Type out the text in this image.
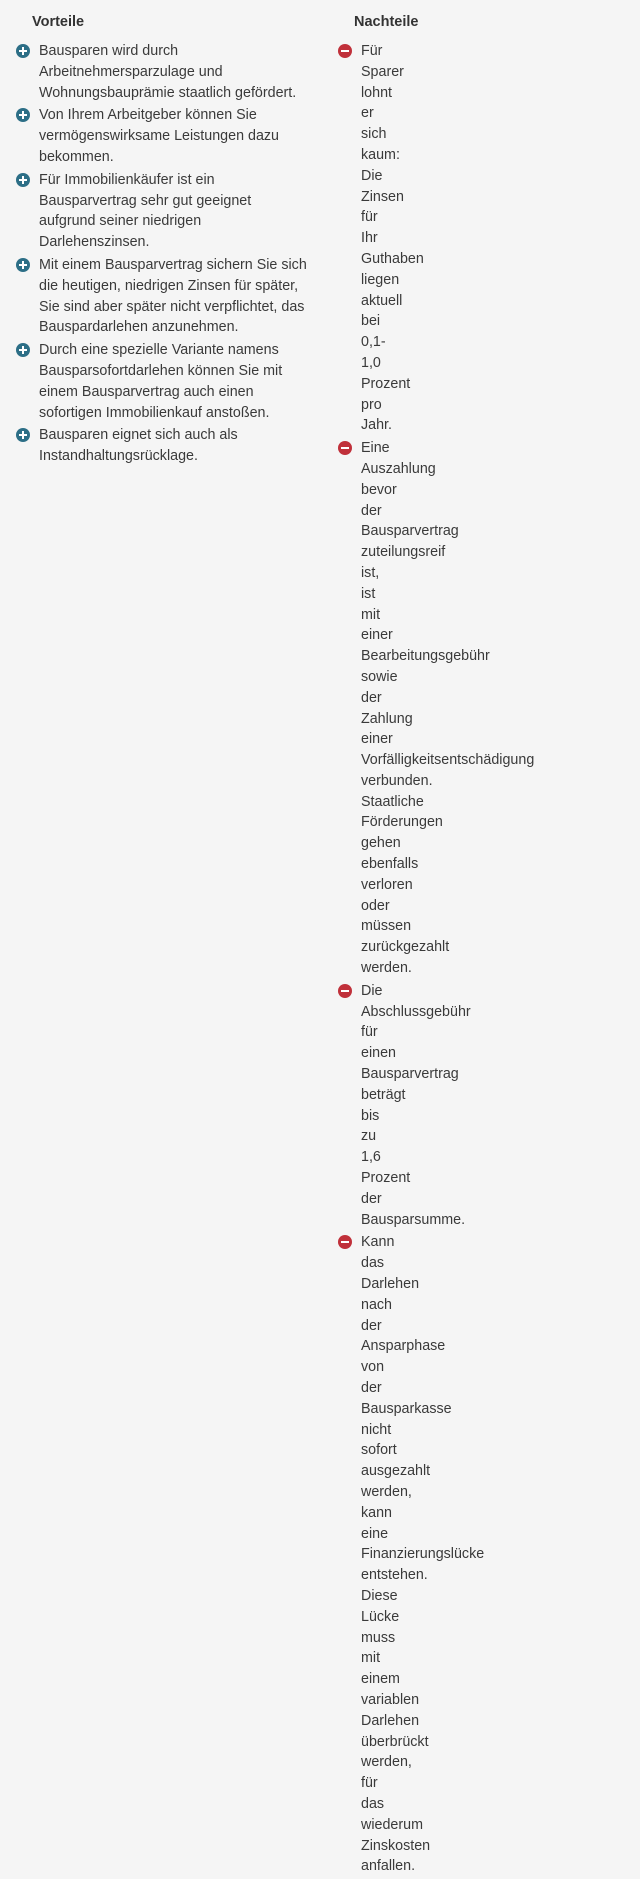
Vorteile
Bausparen wird durch Arbeitnehmersparzulage und Wohnungsbauprämie staatlich gefördert.
Von Ihrem Arbeitgeber können Sie vermögenswirksame Leistungen dazu bekommen.
Für Immobilienkäufer ist ein Bausparvertrag sehr gut geeignet aufgrund seiner niedrigen Darlehenszinsen.
Mit einem Bausparvertrag sichern Sie sich die heutigen, niedrigen Zinsen für später, Sie sind aber später nicht verpflichtet, das Bauspardarlehen anzunehmen.
Durch eine spezielle Variante namens Bausparsofortdarlehen können Sie mit einem Bausparvertrag auch einen sofortigen Immobilienkauf anstoßen.
Bausparen eignet sich auch als Instandhaltungsrücklage.
Nachteile
Für Sparer lohnt er sich kaum: Die Zinsen für Ihr Guthaben liegen aktuell bei 0,1-1,0 Prozent pro Jahr.
Eine Auszahlung bevor der Bausparvertrag zuteilungsreif ist, ist mit einer Bearbeitungsgebühr sowie der Zahlung einer Vorfälligkeitsentschädigung verbunden. Staatliche Förderungen gehen ebenfalls verloren oder müssen zurückgezahlt werden.
Die Abschlussgebühr für einen Bausparvertrag beträgt bis zu 1,6 Prozent der Bausparsumme.
Kann das Darlehen nach der Ansparphase von der Bausparkasse nicht sofort ausgezahlt werden, kann eine Finanzierungslücke entstehen. Diese Lücke muss mit einem variablen Darlehen überbrückt werden, für das wiederum Zinskosten anfallen.
